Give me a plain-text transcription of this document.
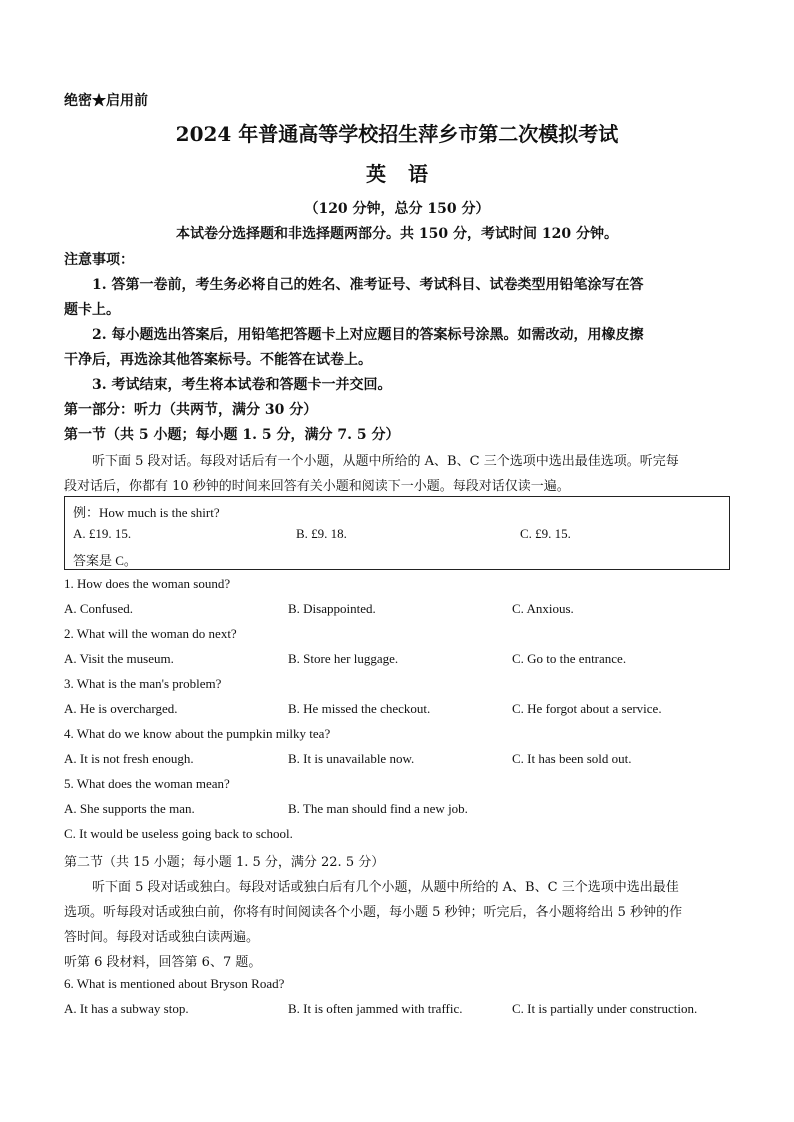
绝密★启用前
2024 年普通高等学校招生萍乡市第二次模拟考试
英语
（120 分钟，总分 150 分）
本试卷分选择题和非选择题两部分。共 150 分，考试时间 120 分钟。
注意事项：
1. 答第一卷前，考生务必将自己的姓名、准考证号、考试科目、试卷类型用铅笔涂写在答
题卡上。
2. 每小题选出答案后，用铅笔把答题卡上对应题目的答案标号涂黑。如需改动，用橡皮擦
干净后，再选涂其他答案标号。不能答在试卷上。
3. 考试结束，考生将本试卷和答题卡一并交回。
第一部分：听力（共两节，满分 30 分）
第一节（共 5 小题；每小题 1. 5 分，满分 7. 5 分）
听下面 5 段对话。每段对话后有一个小题，从题中所给的 A、B、C 三个选项中选出最佳选项。听完每
段对话后，你都有 10 秒钟的时间来回答有关小题和阅读下一小题。每段对话仅读一遍。
例：How much is the shirt?
A. £19. 15.	B. £9. 18.	C. £9. 15.
答案是 C。
1. How does the woman sound?
A. Confused.	B. Disappointed.	C. Anxious.
2. What will the woman do next?
A. Visit the museum.	B. Store her luggage.	C. Go to the entrance.
3. What is the man's problem?
A. He is overcharged.	B. He missed the checkout.	C. He forgot about a service.
4. What do we know about the pumpkin milky tea?
A. It is not fresh enough.	B. It is unavailable now.	C. It has been sold out.
5. What does the woman mean?
A. She supports the man.	B. The man should find a new job.
C. It would be useless going back to school.
第二节（共 15 小题；每小题 1. 5 分，满分 22. 5 分）
听下面 5 段对话或独白。每段对话或独白后有几个小题，从题中所给的 A、B、C 三个选项中选出最佳
选项。听每段对话或独白前，你将有时间阅读各个小题，每小题 5 秒钟；听完后，各小题将给出 5 秒钟的作
答时间。每段对话或独白读两遍。
听第 6 段材料，回答第 6、7 题。
6. What is mentioned about Bryson Road?
A. It has a subway stop.	B. It is often jammed with traffic.	C. It is partially under construction.
